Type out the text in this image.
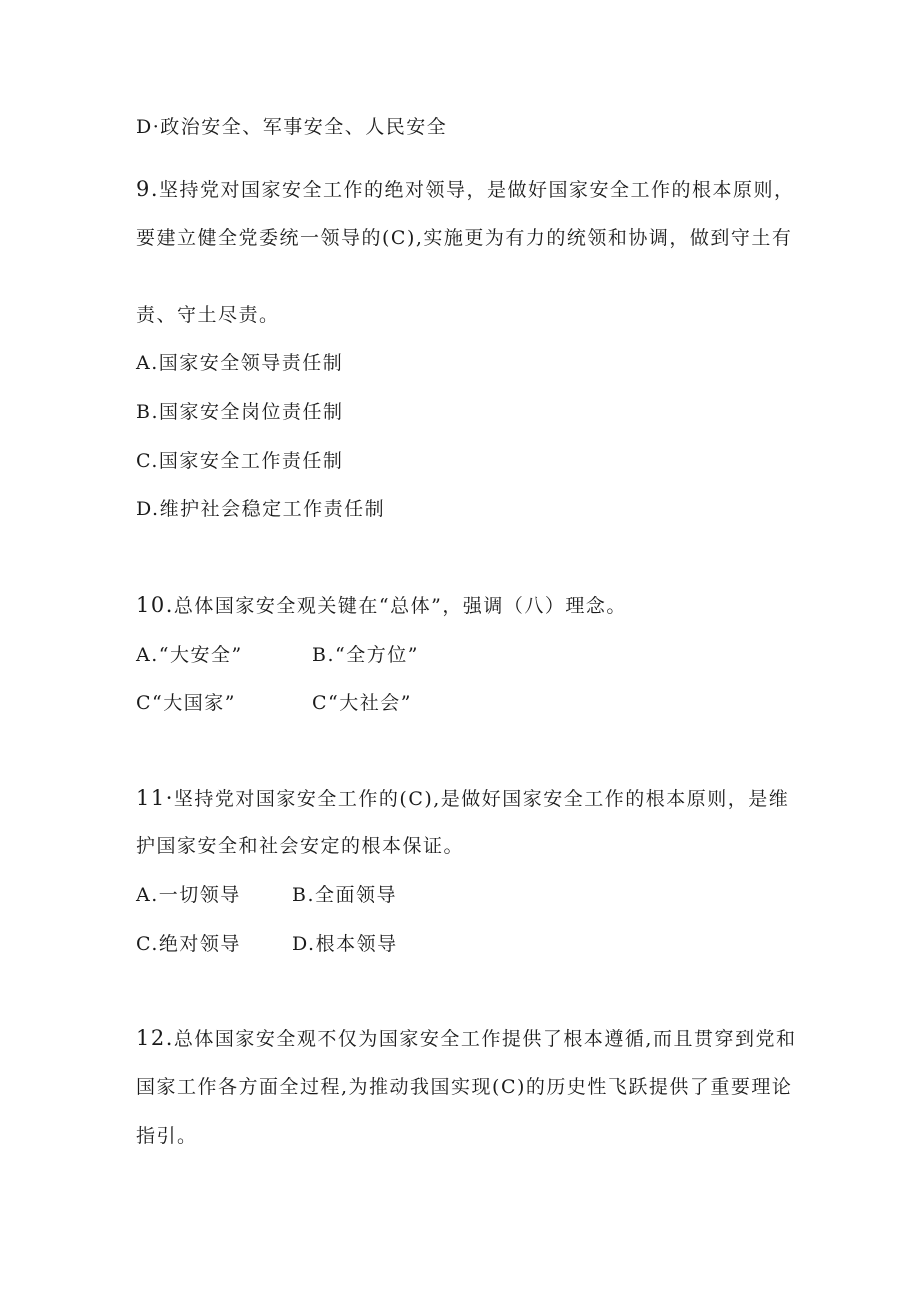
D·政治安全、军事安全、人民安全
9.坚持党对国家安全工作的绝对领导，是做好国家安全工作的根本原则，
要建立健全党委统一领导的(C),实施更为有力的统领和协调，做到守土有
责、守土尽责。
A.国家安全领导责任制
B.国家安全岗位责任制
C.国家安全工作责任制
D.维护社会稳定工作责任制
10.总体国家安全观关键在“总体”，强调（八）理念。
A.“大安全”	B.“全方位”
C“大国家”	C“大社会”
11·坚持党对国家安全工作的(C),是做好国家安全工作的根本原则，是维
护国家安全和社会安定的根本保证。
A.一切领导	B.全面领导
C.绝对领导	D.根本领导
12.总体国家安全观不仅为国家安全工作提供了根本遵循,而且贯穿到党和
国家工作各方面全过程,为推动我国实现(C)的历史性飞跃提供了重要理论
指引。
